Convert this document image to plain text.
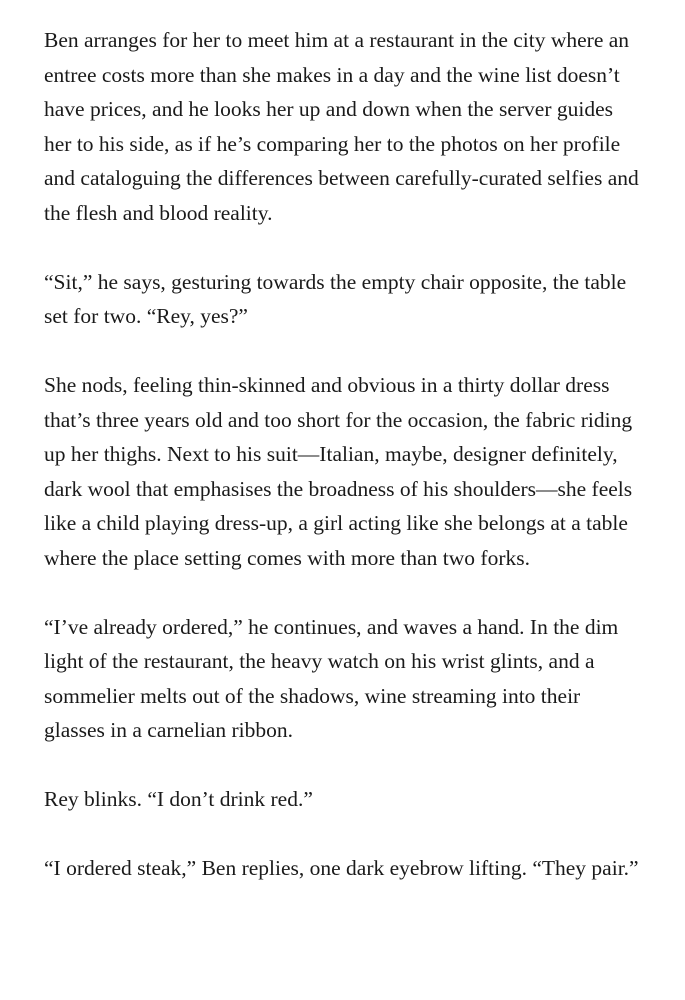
Ben arranges for her to meet him at a restaurant in the city where an entree costs more than she makes in a day and the wine list doesn’t have prices, and he looks her up and down when the server guides her to his side, as if he’s comparing her to the photos on her profile and cataloguing the differences between carefully-curated selfies and the flesh and blood reality.

“Sit,” he says, gesturing towards the empty chair opposite, the table set for two. “Rey, yes?”

She nods, feeling thin-skinned and obvious in a thirty dollar dress that’s three years old and too short for the occasion, the fabric riding up her thighs. Next to his suit—Italian, maybe, designer definitely, dark wool that emphasises the broadness of his shoulders—she feels like a child playing dress-up, a girl acting like she belongs at a table where the place setting comes with more than two forks.

“I’ve already ordered,” he continues, and waves a hand. In the dim light of the restaurant, the heavy watch on his wrist glints, and a sommelier melts out of the shadows, wine streaming into their glasses in a carnelian ribbon.

Rey blinks. “I don’t drink red.”

“I ordered steak,” Ben replies, one dark eyebrow lifting. “They pair.”
